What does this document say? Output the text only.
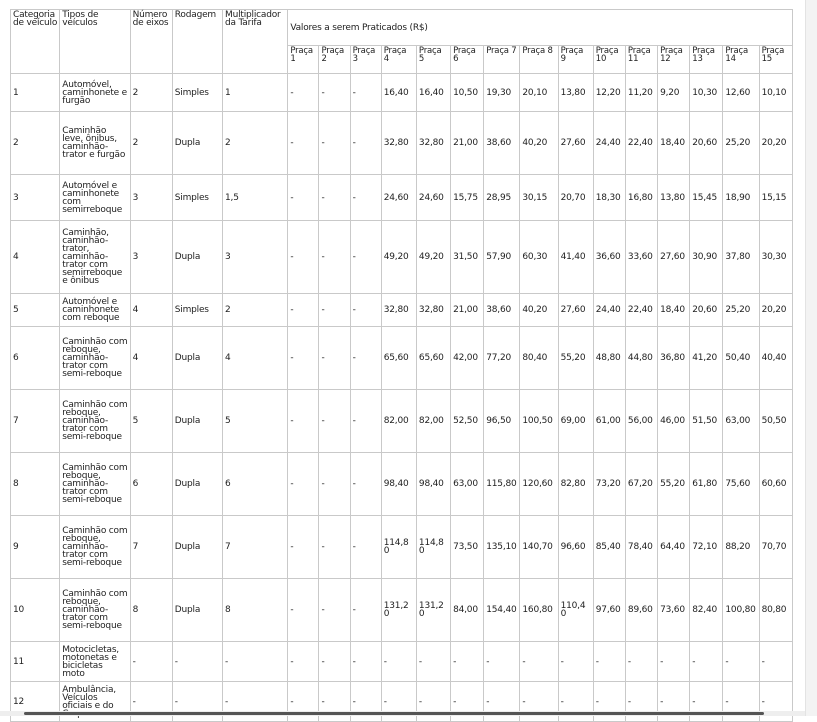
Categoria de veículo	Tipos de veículos	Número de eixos	Rodagem	Multiplicador da Tarifa	Valores a serem Praticados (R$)														
					Praça 1	Praça 2	Praça 3	Praça 4	Praça 5	Praça 6	Praça 7	Praça 8	Praça 9	Praça 10	Praça 11	Praça 12	Praça 13	Praça 14	Praça 15
1	Automóvel, caminhonete e furgão	2	Simples	1	-	-	-	16,40	16,40	10,50	19,30	20,10	13,80	12,20	11,20	9,20	10,30	12,60	10,10
2	Caminhão leve, ônibus, caminhão-trator e furgão	2	Dupla	2	-	-	-	32,80	32,80	21,00	38,60	40,20	27,60	24,40	22,40	18,40	20,60	25,20	20,20
3	Automóvel e caminhonete com semirreboque	3	Simples	1,5	-	-	-	24,60	24,60	15,75	28,95	30,15	20,70	18,30	16,80	13,80	15,45	18,90	15,15
4	Caminhão, caminhão-trator, caminhão-trator com semirreboque e ônibus	3	Dupla	3	-	-	-	49,20	49,20	31,50	57,90	60,30	41,40	36,60	33,60	27,60	30,90	37,80	30,30
5	Automóvel e caminhonete com reboque	4	Simples	2	-	-	-	32,80	32,80	21,00	38,60	40,20	27,60	24,40	22,40	18,40	20,60	25,20	20,20
6	Caminhão com reboque, caminhão-trator com semi-reboque	4	Dupla	4	-	-	-	65,60	65,60	42,00	77,20	80,40	55,20	48,80	44,80	36,80	41,20	50,40	40,40
7	Caminhão com reboque, caminhão-trator com semi-reboque	5	Dupla	5	-	-	-	82,00	82,00	52,50	96,50	100,50	69,00	61,00	56,00	46,00	51,50	63,00	50,50
8	Caminhão com reboque, caminhão-trator com semi-reboque	6	Dupla	6	-	-	-	98,40	98,40	63,00	115,80	120,60	82,80	73,20	67,20	55,20	61,80	75,60	60,60
9	Caminhão com reboque, caminhão-trator com semi-reboque	7	Dupla	7	-	-	-	114,80	114,80	73,50	135,10	140,70	96,60	85,40	78,40	64,40	72,10	88,20	70,70
10	Caminhão com reboque, caminhão-trator com semi-reboque	8	Dupla	8	-	-	-	131,20	131,20	84,00	154,40	160,80	110,40	97,60	89,60	73,60	82,40	100,80	80,80
11	Motocicletas, motonetas e bicicletas moto	-	-	-	-	-	-	-	-	-	-	-	-	-	-	-	-	-	-
12	Ambulância, Veículos oficiais e do	-	-	-	-	-	-	-	-	-	-	-	-	-	-	-	-	-	-
